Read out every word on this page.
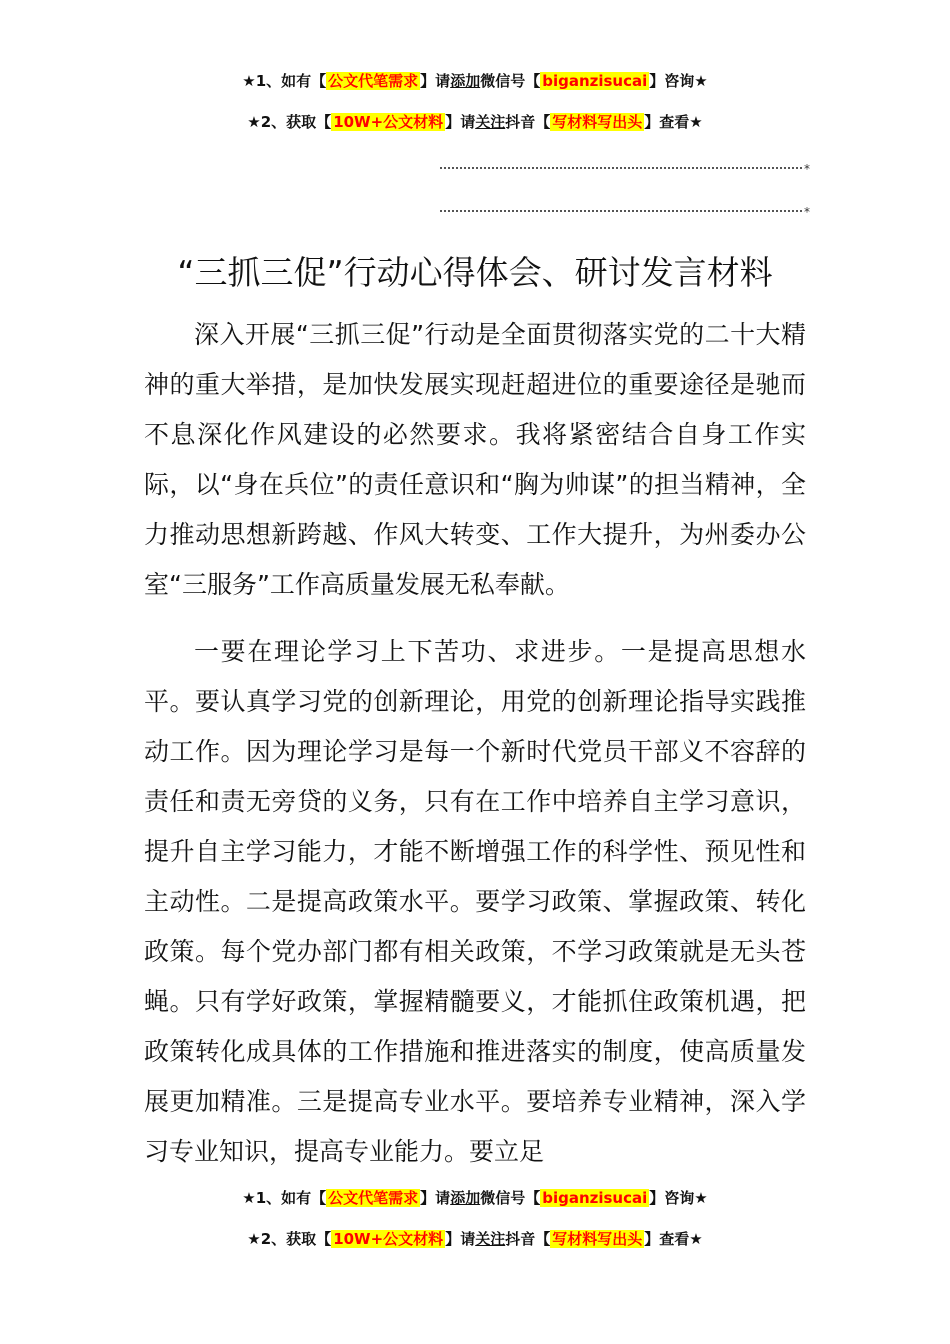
★1、如有【 公文代笔需求 】请添加微信号【 biganzisucai 】咨询★
★2、获取【 10W+公文材料 】请关注抖音【 写材料写出头 】查看★
*
*
“三抓三促”行动心得体会、研讨发言材料
深入开展“三抓三促”行动是全面贯彻落实党的二十大精神的重大举措，是加快发展实现赶超进位的重要途径是驰而不息深化作风建设的必然要求。我将紧密结合自身工作实际，以“身在兵位”的责任意识和“胸为帅谋”的担当精神，全力推动思想新跨越、作风大转变、工作大提升，为州委办公室“三服务”工作高质量发展无私奉献。
一要在理论学习上下苦功、求进步。一是提高思想水平。要认真学习党的创新理论，用党的创新理论指导实践推动工作。因为理论学习是每一个新时代党员干部义不容辞的责任和责无旁贷的义务，只有在工作中培养自主学习意识，提升自主学习能力，才能不断增强工作的科学性、预见性和主动性。二是提高政策水平。要学习政策、掌握政策、转化政策。每个党办部门都有相关政策，不学习政策就是无头苍蝇。只有学好政策，掌握精髓要义，才能抓住政策机遇，把政策转化成具体的工作措施和推进落实的制度，使高质量发展更加精准。三是提高专业水平。要培养专业精神，深入学习专业知识，提高专业能力。要立足
★1、如有【 公文代笔需求 】请添加微信号【 biganzisucai 】咨询★
★2、获取【 10W+公文材料 】请关注抖音【 写材料写出头 】查看★
